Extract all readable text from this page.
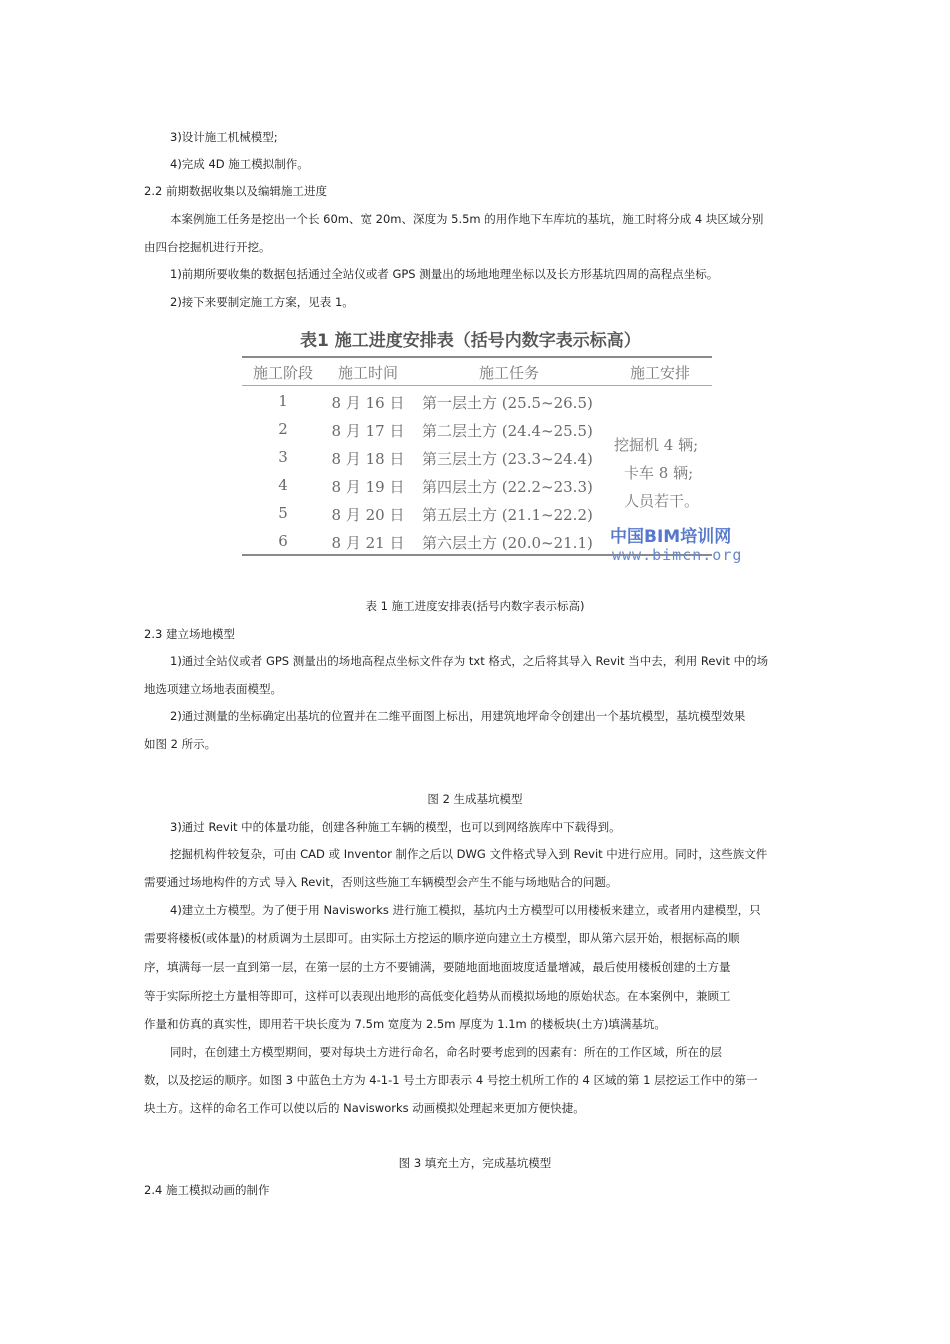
3)设计施工机械模型;
4)完成 4D 施工模拟制作。
2.2 前期数据收集以及编辑施工进度
本案例施工任务是挖出一个长 60m、宽 20m、深度为 5.5m 的用作地下车库坑的基坑，施工时将分成 4 块区域分别
由四台挖掘机进行开挖。
1)前期所要收集的数据包括通过全站仪或者 GPS 测量出的场地地理坐标以及长方形基坑四周的高程点坐标。
2)接下来要制定施工方案，见表 1。
表1 施工进度安排表（括号内数字表示标高）
施工阶段	施工时间	施工任务	施工安排
1	8 月 16 日 第一层土方 (25.5~26.5)
2	8 月 17 日 第二层土方 (24.4~25.5)
3	8 月 18 日 第三层土方 (23.3~24.4)
4	8 月 19 日 第四层土方 (22.2~23.3)
5	8 月 20 日 第五层土方 (21.1~22.2)
6	8 月 21 日 第六层土方 (20.0~21.1)
挖掘机 4 辆;
卡车 8 辆;
人员若干。
中国BIM培训网
www.bimcn.org
表 1 施工进度安排表(括号内数字表示标高)
2.3 建立场地模型
1)通过全站仪或者 GPS 测量出的场地高程点坐标文件存为 txt 格式，之后将其导入 Revit 当中去，利用 Revit 中的场
地选项建立场地表面模型。
2)通过测量的坐标确定出基坑的位置并在二维平面图上标出，用建筑地坪命令创建出一个基坑模型，基坑模型效果
如图 2 所示。
图 2 生成基坑模型
3)通过 Revit 中的体量功能，创建各种施工车辆的模型，也可以到网络族库中下载得到。
挖掘机构件较复杂，可由 CAD 或 Inventor 制作之后以 DWG 文件格式导入到 Revit 中进行应用。同时，这些族文件
需要通过场地构件的方式 导入 Revit，否则这些施工车辆模型会产生不能与场地贴合的问题。
4)建立土方模型。为了便于用 Navisworks 进行施工模拟，基坑内土方模型可以用楼板来建立，或者用内建模型，只
需要将楼板(或体量)的材质调为土层即可。由实际土方挖运的顺序逆向建立土方模型，即从第六层开始，根据标高的顺
序，填满每一层一直到第一层，在第一层的土方不要铺满，要随地面地面坡度适量增减，最后使用楼板创建的土方量
等于实际所挖土方量相等即可，这样可以表现出地形的高低变化趋势从而模拟场地的原始状态。在本案例中，兼顾工
作量和仿真的真实性，即用若干块长度为 7.5m 宽度为 2.5m 厚度为 1.1m 的楼板块(土方)填满基坑。
同时，在创建土方模型期间，要对每块土方进行命名，命名时要考虑到的因素有：所在的工作区域，所在的层
数，以及挖运的顺序。如图 3 中蓝色土方为 4-1-1 号土方即表示 4 号挖土机所工作的 4 区域的第 1 层挖运工作中的第一
块土方。这样的命名工作可以使以后的 Navisworks 动画模拟处理起来更加方便快捷。
图 3 填充土方，完成基坑模型
2.4 施工模拟动画的制作
